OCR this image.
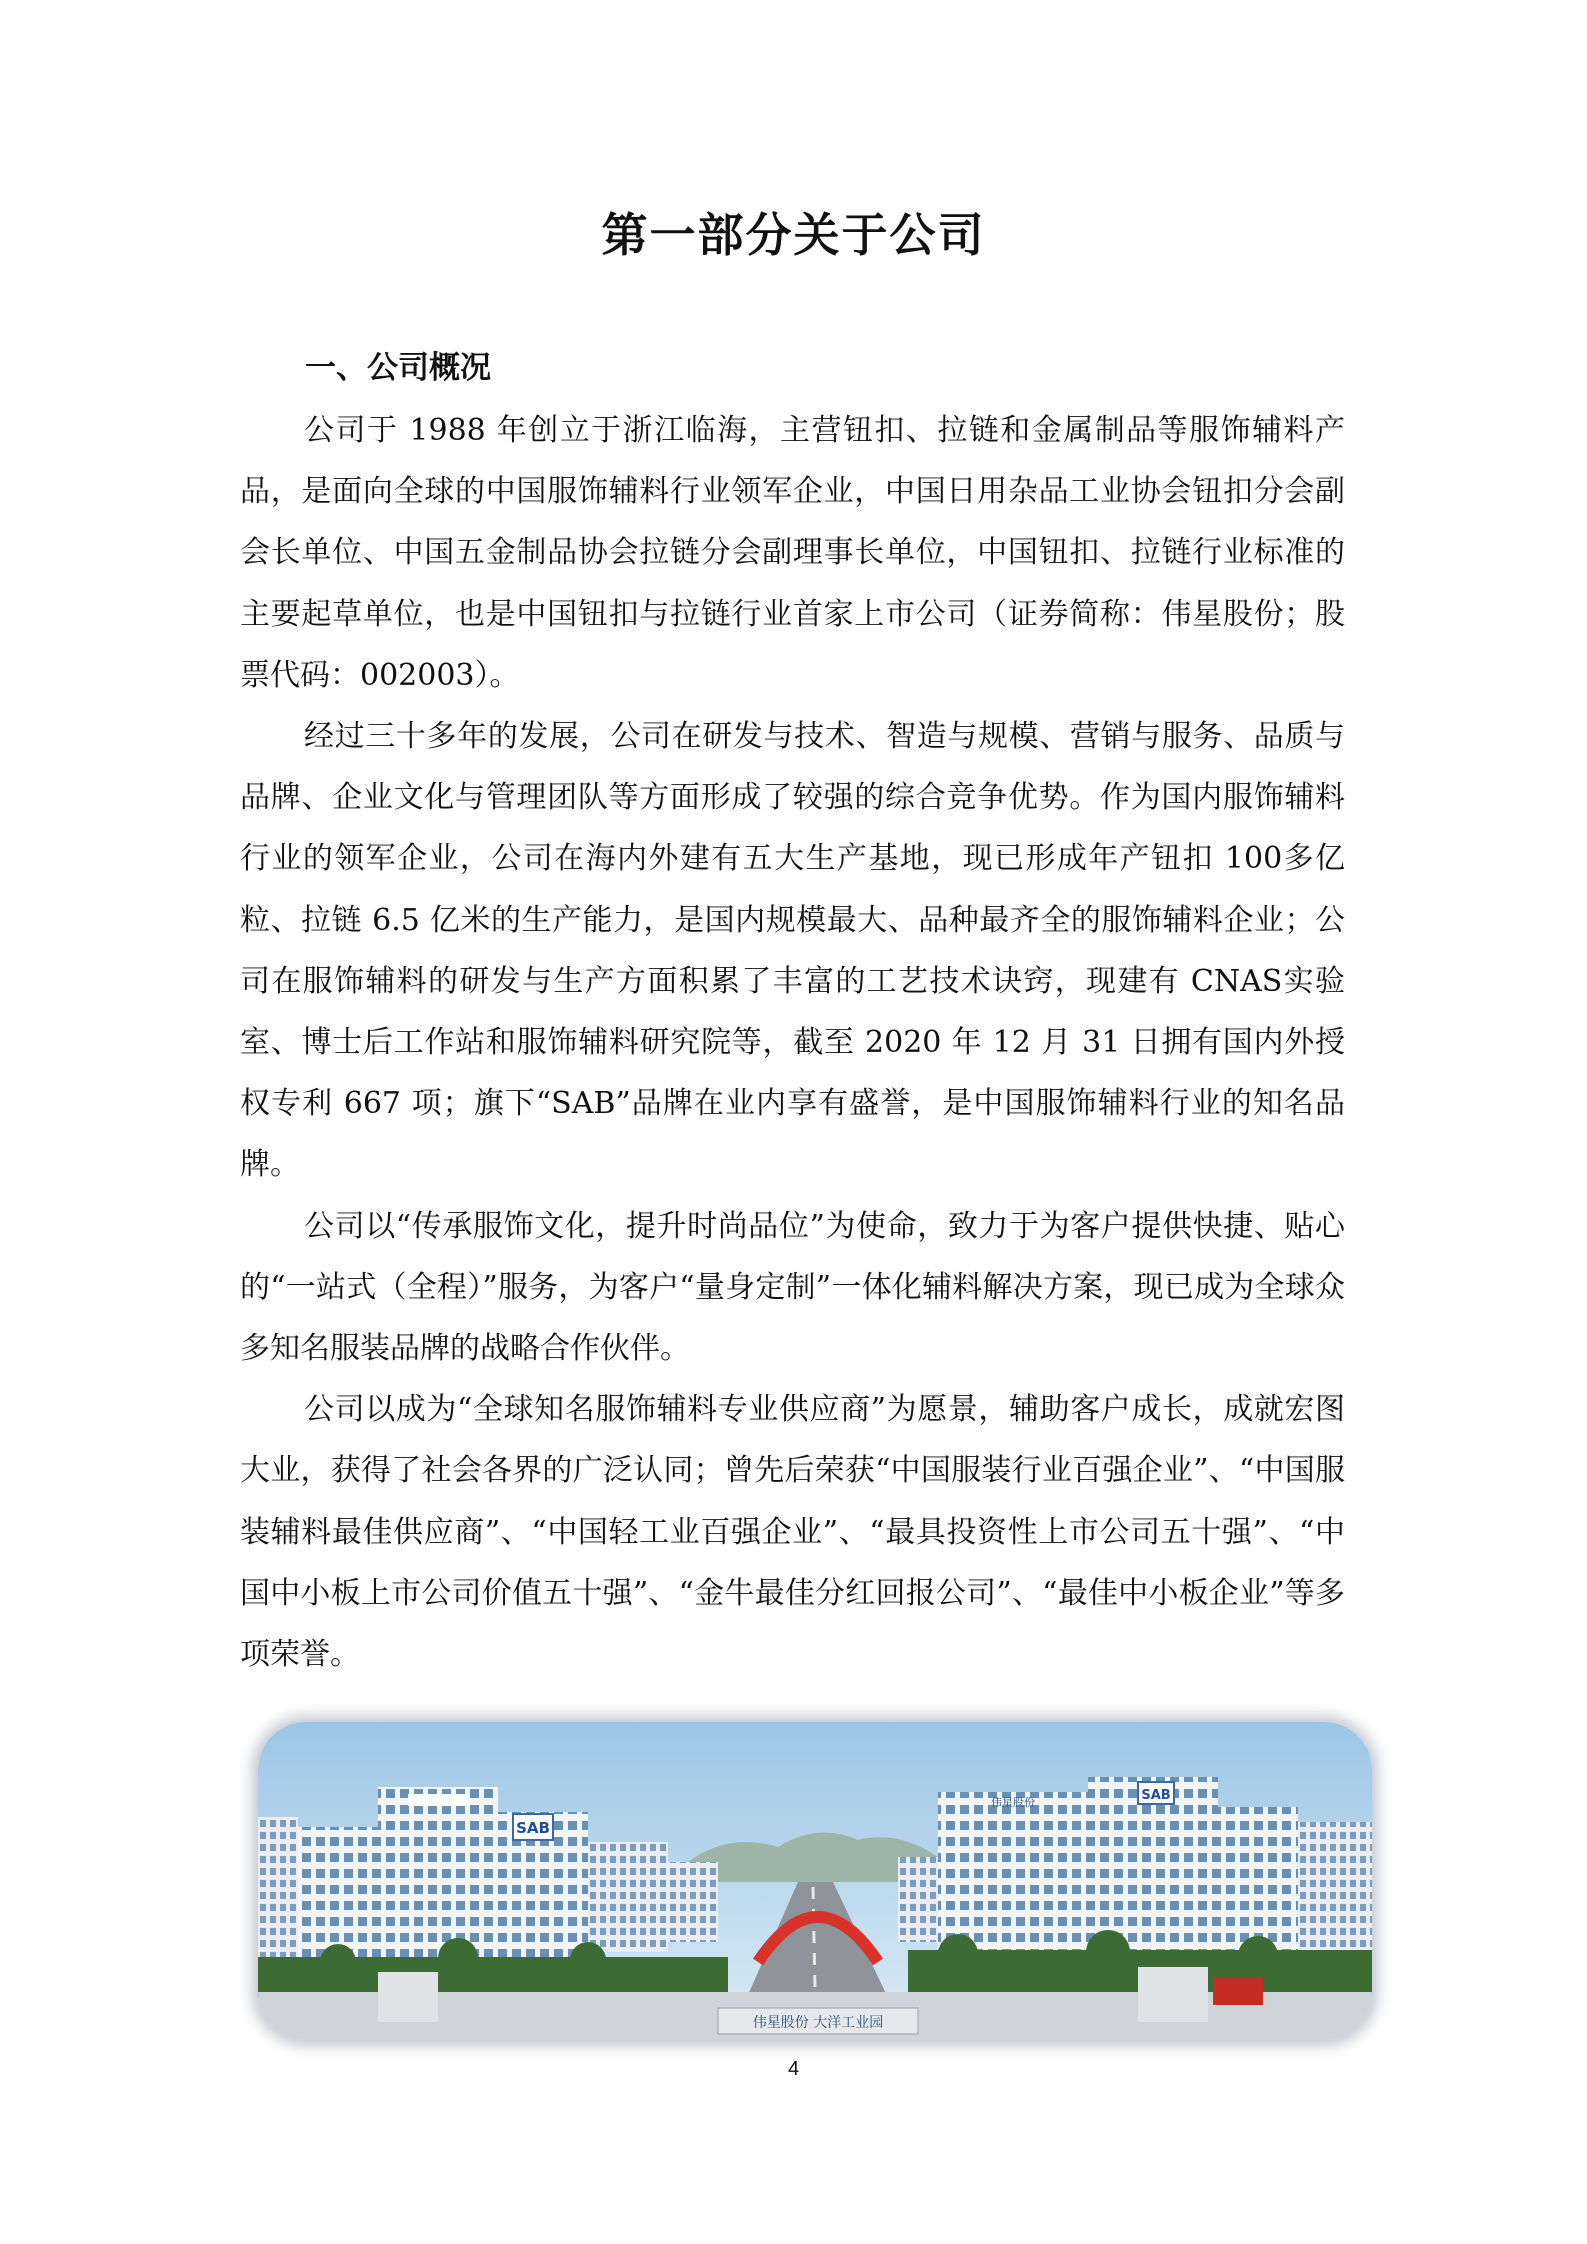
第一部分关于公司
一、公司概况

公司于 1988 年创立于浙江临海，主营钮扣、拉链和金属制品等服饰辅料产品，是面向全球的中国服饰辅料行业领军企业，中国日用杂品工业协会钮扣分会副会长单位、中国五金制品协会拉链分会副理事长单位，中国钮扣、拉链行业标准的主要起草单位，也是中国钮扣与拉链行业首家上市公司（证券简称：伟星股份；股票代码：002003）。

经过三十多年的发展，公司在研发与技术、智造与规模、营销与服务、品质与品牌、企业文化与管理团队等方面形成了较强的综合竞争优势。作为国内服饰辅料行业的领军企业，公司在海内外建有五大生产基地，现已形成年产钮扣 100多亿粒、拉链 6.5 亿米的生产能力，是国内规模最大、品种最齐全的服饰辅料企业；公司在服饰辅料的研发与生产方面积累了丰富的工艺技术诀窍，现建有 CNAS实验室、博士后工作站和服饰辅料研究院等，截至 2020 年 12 月 31 日拥有国内外授权专利 667 项；旗下“SAB”品牌在业内享有盛誉，是中国服饰辅料行业的知名品牌。

公司以“传承服饰文化，提升时尚品位”为使命，致力于为客户提供快捷、贴心的“一站式（全程）”服务，为客户“量身定制”一体化辅料解决方案，现已成为全球众多知名服装品牌的战略合作伙伴。

公司以成为“全球知名服饰辅料专业供应商”为愿景，辅助客户成长，成就宏图大业，获得了社会各界的广泛认同；曾先后荣获“中国服装行业百强企业”、“中国服装辅料最佳供应商”、“中国轻工业百强企业”、“最具投资性上市公司五十强”、“中国中小板上市公司价值五十强”、“金牛最佳分红回报公司”、“最佳中小板企业”等多项荣誉。

SAB
伟星股份	SAB
伟星股份 大洋工业园
4
